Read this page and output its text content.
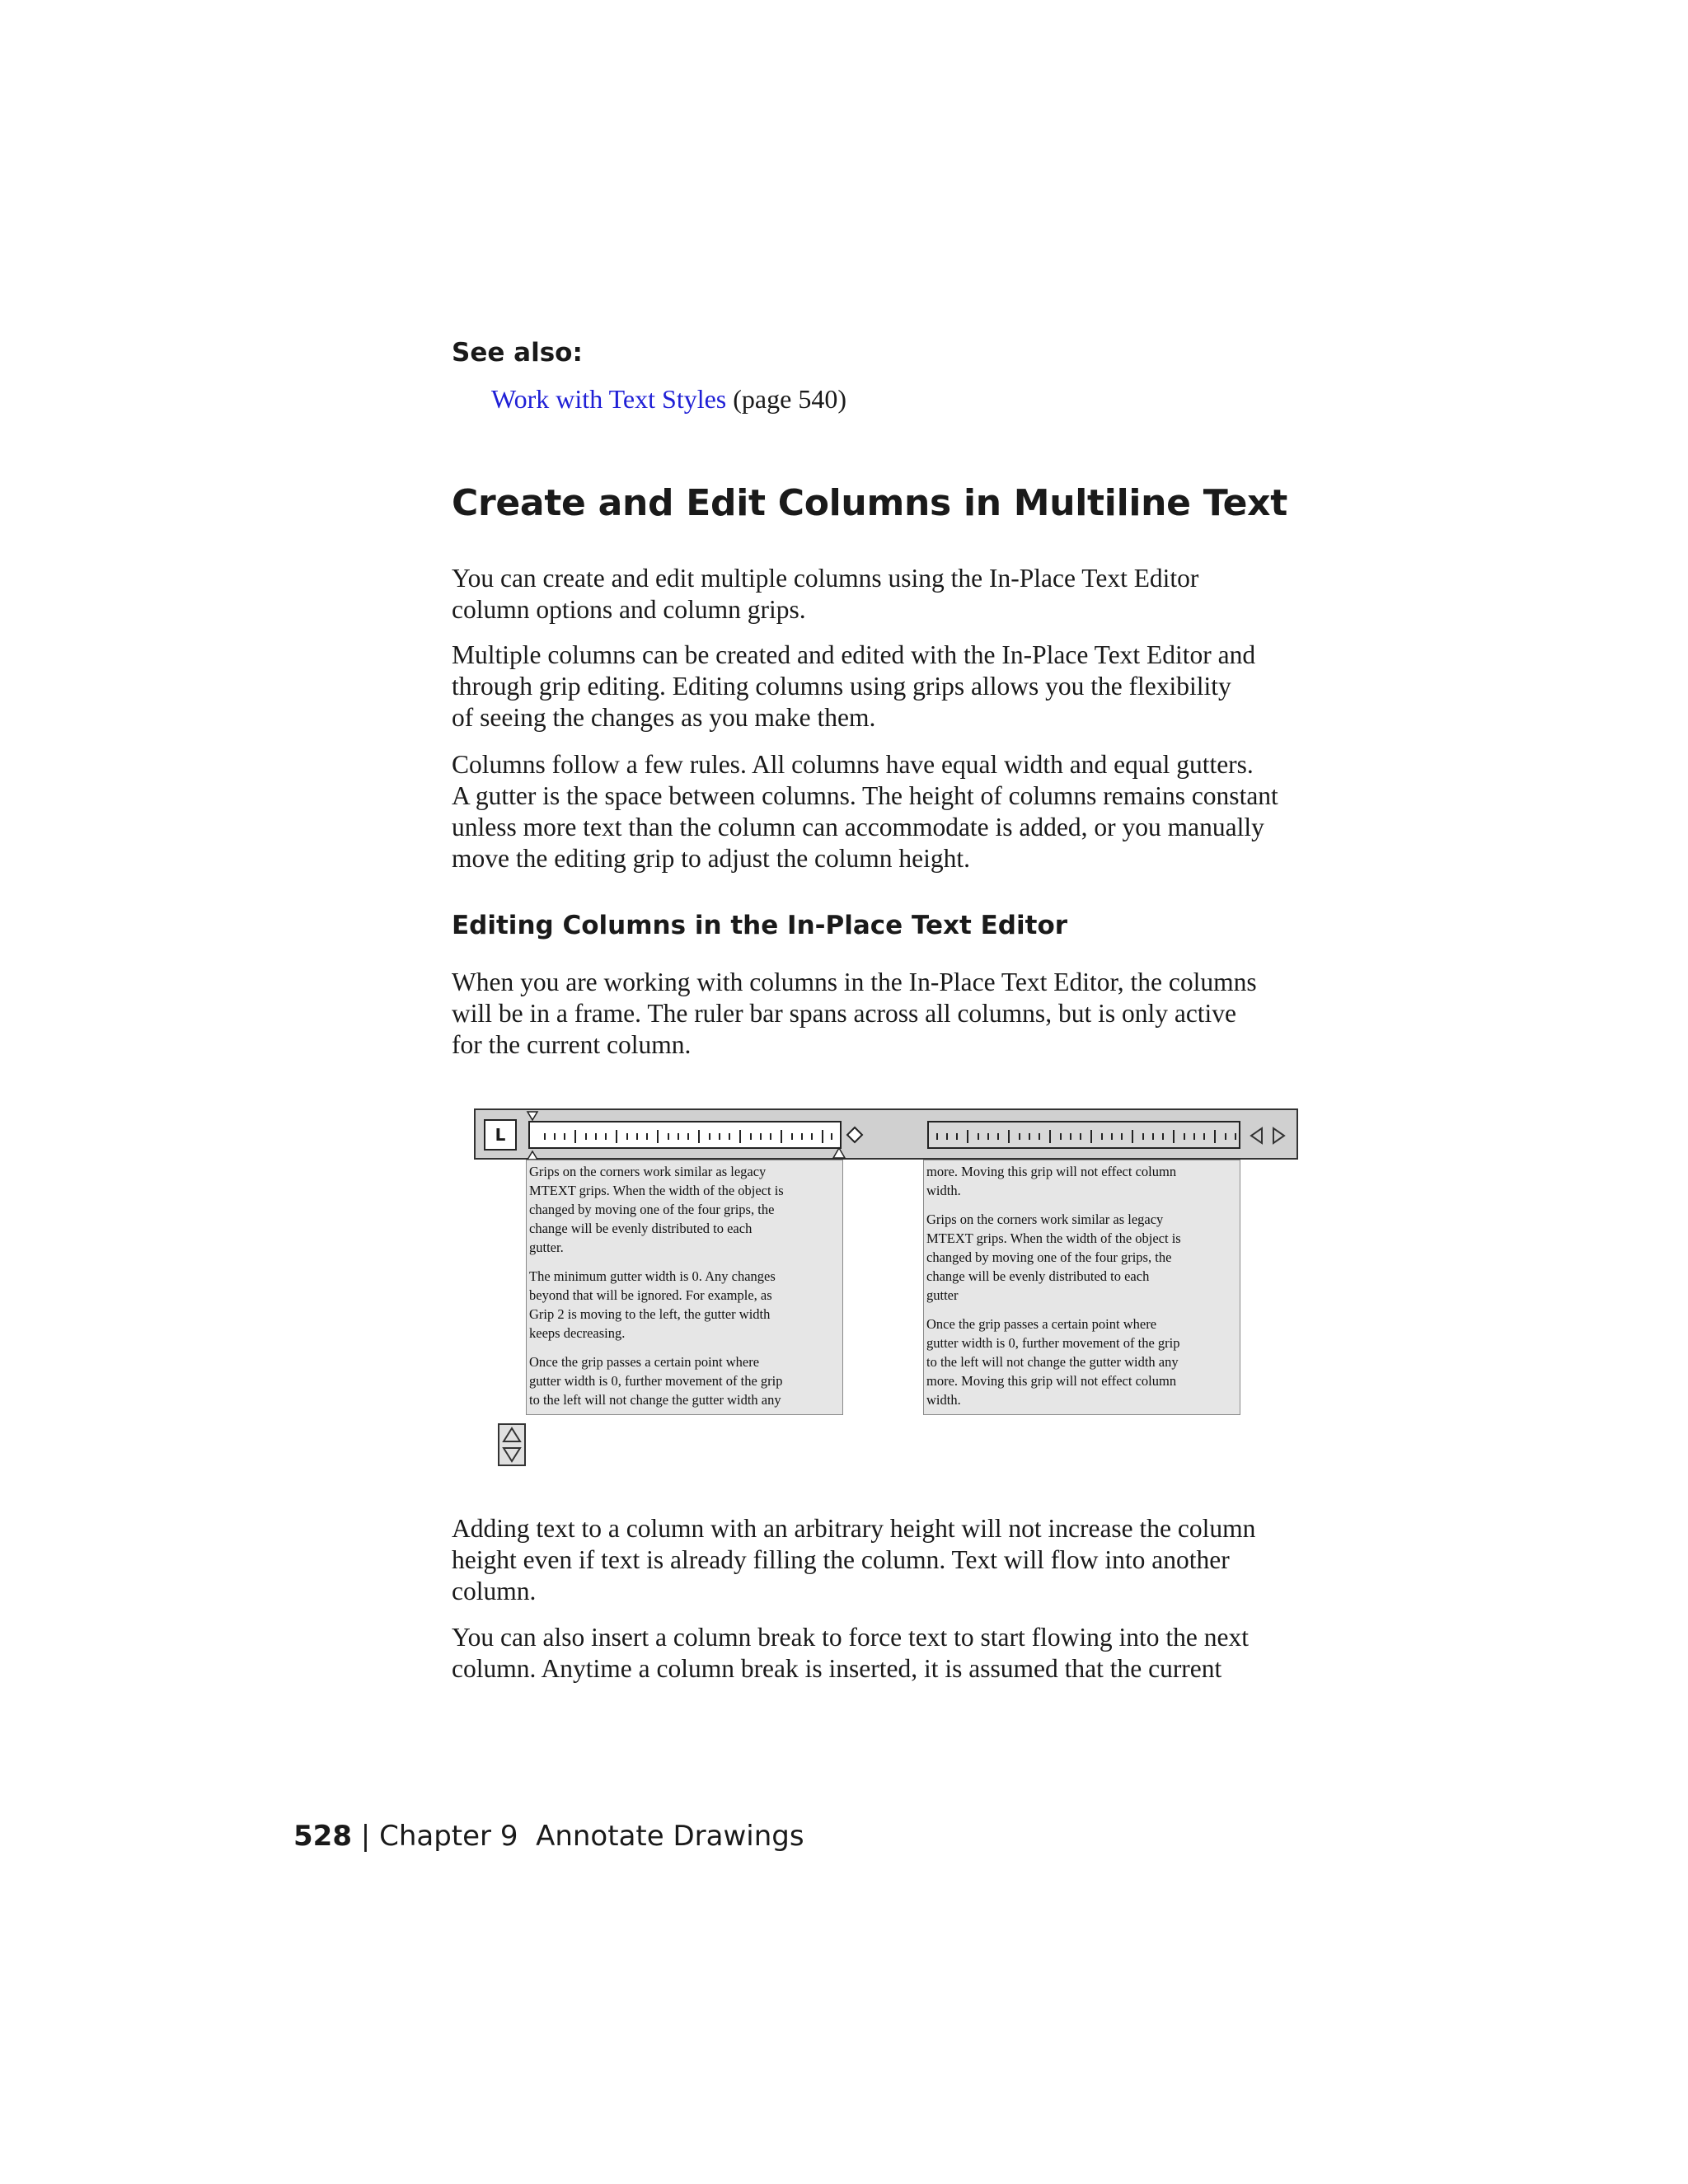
See also:
Work with Text Styles (page 540)
Create and Edit Columns in Multiline Text
You can create and edit multiple columns using the In-Place Text Editor
column options and column grips.
Multiple columns can be created and edited with the In-Place Text Editor and
through grip editing. Editing columns using grips allows you the flexibility
of seeing the changes as you make them.
Columns follow a few rules. All columns have equal width and equal gutters.
A gutter is the space between columns. The height of columns remains constant
unless more text than the column can accommodate is added, or you manually
move the editing grip to adjust the column height.
Editing Columns in the In-Place Text Editor
When you are working with columns in the In-Place Text Editor, the columns
will be in a frame. The ruler bar spans across all columns, but is only active
for the current column.
L

Grips on the corners work similar as legacy
MTEXT grips. When the width of the object is
changed by moving one of the four grips, the
change will be evenly distributed to each
gutter.

The minimum gutter width is 0. Any changes
beyond that will be ignored. For example, as
Grip 2 is moving to the left, the gutter width
keeps decreasing.

Once the grip passes a certain point where
gutter width is 0, further movement of the grip
to the left will not change the gutter width any

more. Moving this grip will not effect column
width.

Grips on the corners work similar as legacy
MTEXT grips. When the width of the object is
changed by moving one of the four grips, the
change will be evenly distributed to each
gutter

Once the grip passes a certain point where
gutter width is 0, further movement of the grip
to the left will not change the gutter width any
more. Moving this grip will not effect column
width.

Adding text to a column with an arbitrary height will not increase the column
height even if text is already filling the column. Text will flow into another
column.
You can also insert a column break to force text to start flowing into the next
column. Anytime a column break is inserted, it is assumed that the current
528 | Chapter 9 Annotate Drawings
